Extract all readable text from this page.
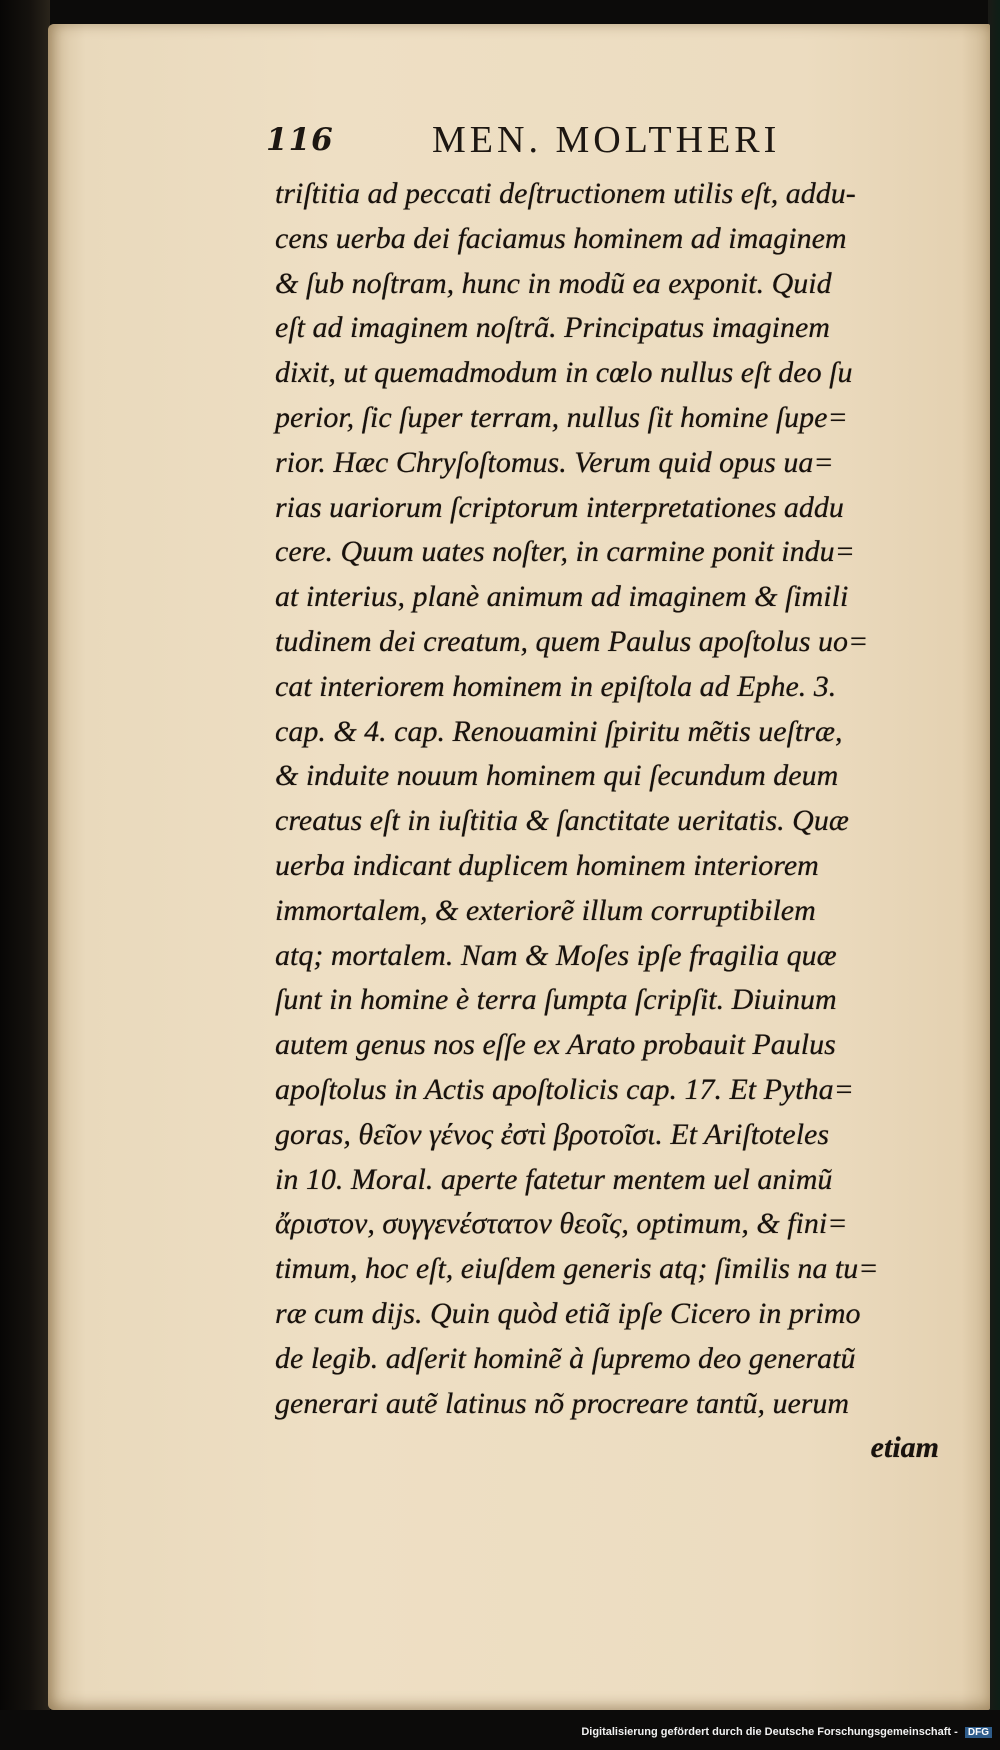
116	MEN. MOLTHERI
triſtitia ad peccati deſtructionem utilis eſt, addu-
cens uerba dei faciamus hominem ad imaginem
& ſub noſtram, hunc in modũ ea exponit. Quid
eſt ad imaginem noſtrã. Principatus imaginem
dixit, ut quemadmodum in cœlo nullus eſt deo ſu
perior, ſic ſuper terram, nullus ſit homine ſupe=
rior. Hæc Chryſoſtomus. Verum quid opus ua=
rias uariorum ſcriptorum interpretationes addu
cere. Quum uates noſter, in carmine ponit indu=
at interius, planè animum ad imaginem & ſimili
tudinem dei creatum, quem Paulus apoſtolus uo=
cat interiorem hominem in epiſtola ad Ephe. 3.
cap. & 4. cap. Renouamini ſpiritu mẽtis ueſtræ,
& induite nouum hominem qui ſecundum deum
creatus eſt in iuſtitia & ſanctitate ueritatis. Quæ
uerba indicant duplicem hominem interiorem
immortalem, & exteriorẽ illum corruptibilem
atq; mortalem. Nam & Moſes ipſe fragilia quæ
ſunt in homine è terra ſumpta ſcripſit. Diuinum
autem genus nos eſſe ex Arato probauit Paulus
apoſtolus in Actis apoſtolicis cap. 17. Et Pytha=
goras, θεῖον γένος ἐστὶ βροτοῖσι. Et Ariſtoteles
in 10. Moral. aperte fatetur mentem uel animũ
ἄριστον, συγγενέστατον θεοῖς, optimum, & fini=
timum, hoc eſt, eiuſdem generis atq; ſimilis na tu=
ræ cum dijs. Quin quòd etiã ipſe Cicero in primo
de legib. adſerit hominẽ à ſupremo deo generatũ
generari autẽ latinus nõ procreare tantũ, uerum
etiam
Digitalisierung gefördert durch die Deutsche Forschungsgemeinschaft - DFG
